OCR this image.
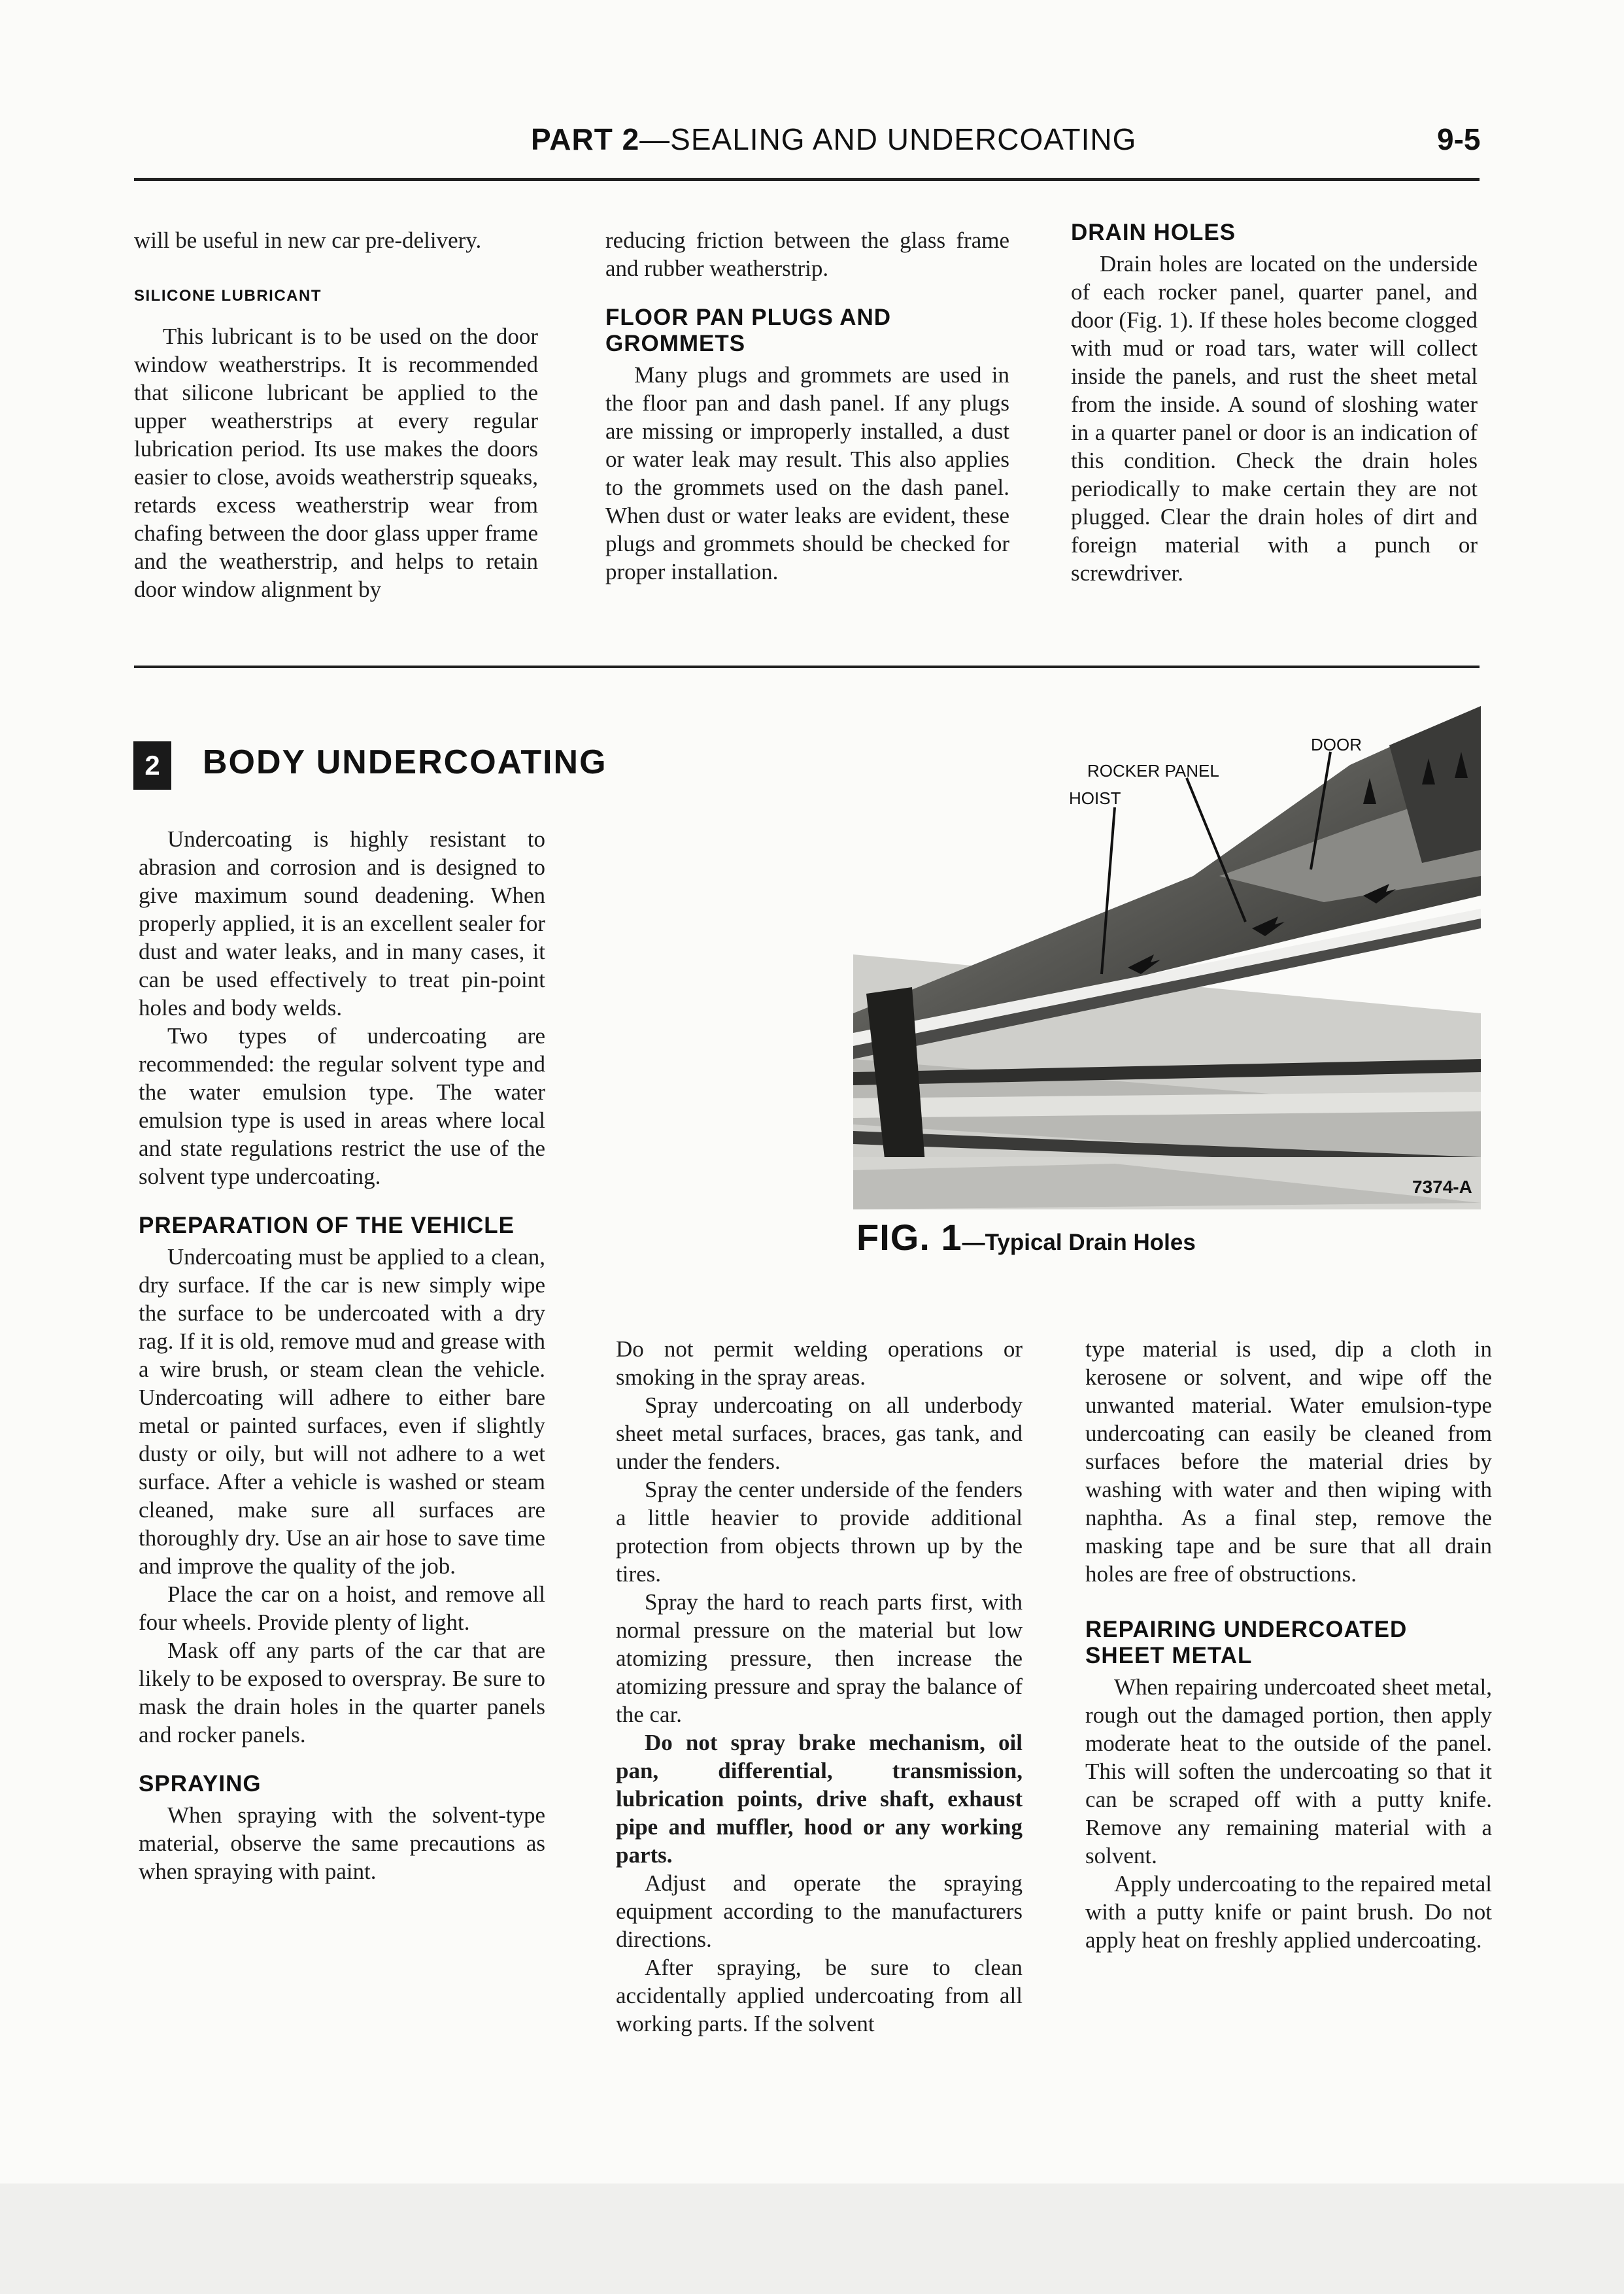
PART 2—SEALING AND UNDERCOATING	9-5

will be useful in new car pre-delivery.

SILICONE LUBRICANT

This lubricant is to be used on the door window weatherstrips. It is recommended that silicone lubricant be applied to the upper weatherstrips at every regular lubrication period. Its use makes the doors easier to close, avoids weatherstrip squeaks, retards excess weatherstrip wear from chafing between the door glass upper frame and the weatherstrip, and helps to retain door window alignment by

reducing friction between the glass frame and rubber weatherstrip.

FLOOR PAN PLUGS AND GROMMETS

Many plugs and grommets are used in the floor pan and dash panel. If any plugs are missing or improperly installed, a dust or water leak may result. This also applies to the grommets used on the dash panel. When dust or water leaks are evident, these plugs and grommets should be checked for proper installation.

DRAIN HOLES

Drain holes are located on the underside of each rocker panel, quarter panel, and door (Fig. 1). If these holes become clogged with mud or road tars, water will collect inside the panels, and rust the sheet metal from the inside. A sound of sloshing water in a quarter panel or door is an indication of this condition. Check the drain holes periodically to make certain they are not plugged. Clear the drain holes of dirt and foreign material with a punch or screwdriver.

2	BODY UNDERCOATING

Undercoating is highly resistant to abrasion and corrosion and is designed to give maximum sound deadening. When properly applied, it is an excellent sealer for dust and water leaks, and in many cases, it can be used effectively to treat pin-point holes and body welds.

Two types of undercoating are recommended: the regular solvent type and the water emulsion type. The water emulsion type is used in areas where local and state regulations restrict the use of the solvent type undercoating.

PREPARATION OF THE VEHICLE

Undercoating must be applied to a clean, dry surface. If the car is new simply wipe the surface to be undercoated with a dry rag. If it is old, remove mud and grease with a wire brush, or steam clean the vehicle. Undercoating will adhere to either bare metal or painted surfaces, even if slightly dusty or oily, but will not adhere to a wet surface. After a vehicle is washed or steam cleaned, make sure all surfaces are thoroughly dry. Use an air hose to save time and improve the quality of the job.

Place the car on a hoist, and remove all four wheels. Provide plenty of light.

Mask off any parts of the car that are likely to be exposed to overspray. Be sure to mask the drain holes in the quarter panels and rocker panels.

SPRAYING

When spraying with the solvent-type material, observe the same precautions as when spraying with paint.

DOOR
ROCKER PANEL
HOIST
7374-A
FIG. 1—Typical Drain Holes

Do not permit welding operations or smoking in the spray areas.

Spray undercoating on all underbody sheet metal surfaces, braces, gas tank, and under the fenders.

Spray the center underside of the fenders a little heavier to provide additional protection from objects thrown up by the tires.

Spray the hard to reach parts first, with normal pressure on the material but low atomizing pressure, then increase the atomizing pressure and spray the balance of the car.

Do not spray brake mechanism, oil pan, differential, transmission, lubrication points, drive shaft, exhaust pipe and muffler, hood or any working parts.

Adjust and operate the spraying equipment according to the manufacturers directions.

After spraying, be sure to clean accidentally applied undercoating from all working parts. If the solvent

type material is used, dip a cloth in kerosene or solvent, and wipe off the unwanted material. Water emulsion-type undercoating can easily be cleaned from surfaces before the material dries by washing with water and then wiping with naphtha. As a final step, remove the masking tape and be sure that all drain holes are free of obstructions.

REPAIRING UNDERCOATED SHEET METAL

When repairing undercoated sheet metal, rough out the damaged portion, then apply moderate heat to the outside of the panel. This will soften the undercoating so that it can be scraped off with a putty knife. Remove any remaining material with a solvent.

Apply undercoating to the repaired metal with a putty knife or paint brush. Do not apply heat on freshly applied undercoating.
